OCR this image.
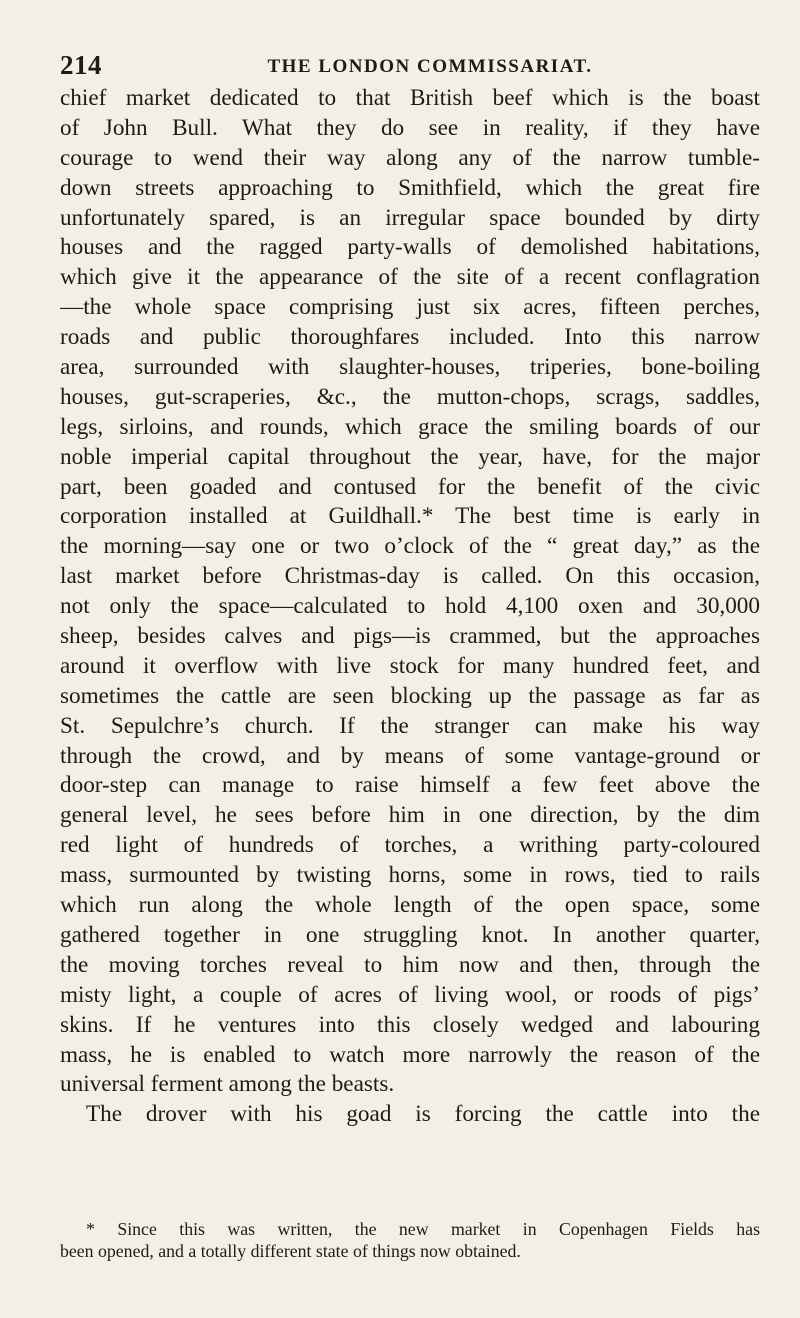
214	THE LONDON COMMISSARIAT.
chief market dedicated to that British beef which is the boast
of John Bull. What they do see in reality, if they have
courage to wend their way along any of the narrow tumble-
down streets approaching to Smithfield, which the great fire
unfortunately spared, is an irregular space bounded by dirty
houses and the ragged party-walls of demolished habitations,
which give it the appearance of the site of a recent conflagration
—the whole space comprising just six acres, fifteen perches,
roads and public thoroughfares included. Into this narrow
area, surrounded with slaughter-houses, triperies, bone-boiling
houses, gut-scraperies, &c., the mutton-chops, scrags, saddles,
legs, sirloins, and rounds, which grace the smiling boards of our
noble imperial capital throughout the year, have, for the major
part, been goaded and contused for the benefit of the civic
corporation installed at Guildhall.* The best time is early in
the morning—say one or two o’clock of the “ great day,” as the
last market before Christmas-day is called. On this occasion,
not only the space—calculated to hold 4,100 oxen and 30,000
sheep, besides calves and pigs—is crammed, but the approaches
around it overflow with live stock for many hundred feet, and
sometimes the cattle are seen blocking up the passage as far as
St. Sepulchre’s church. If the stranger can make his way
through the crowd, and by means of some vantage-ground or
door-step can manage to raise himself a few feet above the
general level, he sees before him in one direction, by the dim
red light of hundreds of torches, a writhing party-coloured
mass, surmounted by twisting horns, some in rows, tied to rails
which run along the whole length of the open space, some
gathered together in one struggling knot. In another quarter,
the moving torches reveal to him now and then, through the
misty light, a couple of acres of living wool, or roods of pigs’
skins. If he ventures into this closely wedged and labouring
mass, he is enabled to watch more narrowly the reason of the
universal ferment among the beasts.
The drover with his goad is forcing the cattle into the
* Since this was written, the new market in Copenhagen Fields has
been opened, and a totally different state of things now obtained.
